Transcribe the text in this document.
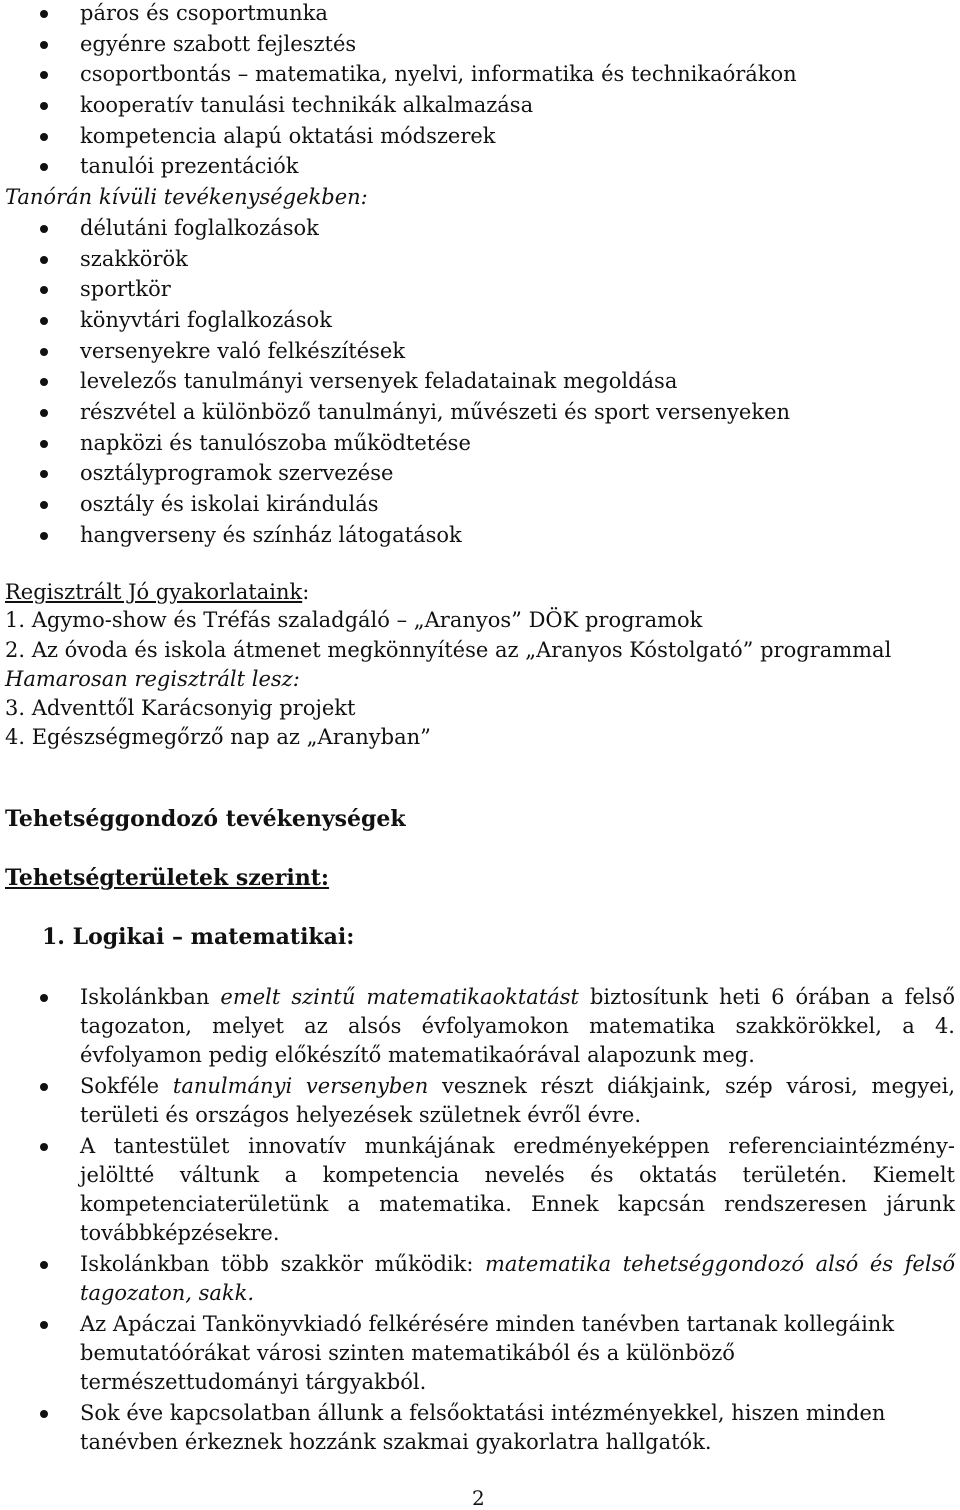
páros és csoportmunka
egyénre szabott fejlesztés
csoportbontás – matematika, nyelvi, informatika és technikaórákon
kooperatív tanulási technikák alkalmazása
kompetencia alapú oktatási módszerek
tanulói prezentációk

Tanórán kívüli tevékenységekben:

délutáni foglalkozások
szakkörök
sportkör
könyvtári foglalkozások
versenyekre való felkészítések
levelezős tanulmányi versenyek feladatainak megoldása
részvétel a különböző tanulmányi, művészeti és sport versenyeken
napközi és tanulószoba működtetése
osztályprogramok szervezése
osztály és iskolai kirándulás
hangverseny és színház látogatások
Regisztrált Jó gyakorlataink:
1. Agymo-show és Tréfás szaladgáló – „Aranyos” DÖK programok
2. Az óvoda és iskola átmenet megkönnyítése az „Aranyos Kóstolgató” programmal
Hamarosan regisztrált lesz:
3. Adventtől Karácsonyig projekt
4. Egészségmegőrző nap az „Aranyban”
Tehetséggondozó tevékenységek
Tehetségterületek szerint:
1. Logikai – matematikai:
Iskolánkban emelt szintű matematikaoktatást biztosítunk heti 6 órában a felső tagozaton, melyet az alsós évfolyamokon matematika szakkörökkel, a 4. évfolyamon pedig előkészítő matematikaórával alapozunk meg.
Sokféle tanulmányi versenyben vesznek részt diákjaink, szép városi, megyei, területi és országos helyezések születnek évről évre.
A tantestület innovatív munkájának eredményeképpen referenciaintézmény-jelöltté váltunk a kompetencia nevelés és oktatás területén. Kiemelt kompetenciaterületünk a matematika. Ennek kapcsán rendszeresen járunk továbbképzésekre.
Iskolánkban több szakkör működik: matematika tehetséggondozó alsó és felső tagozaton, sakk.
Az Apáczai Tankönyvkiadó felkérésére minden tanévben tartanak kollegáink bemutatóórákat városi szinten matematikából és a különböző természettudományi tárgyakból.
Sok éve kapcsolatban állunk a felsőoktatási intézményekkel, hiszen minden tanévben érkeznek hozzánk szakmai gyakorlatra hallgatók.
2
